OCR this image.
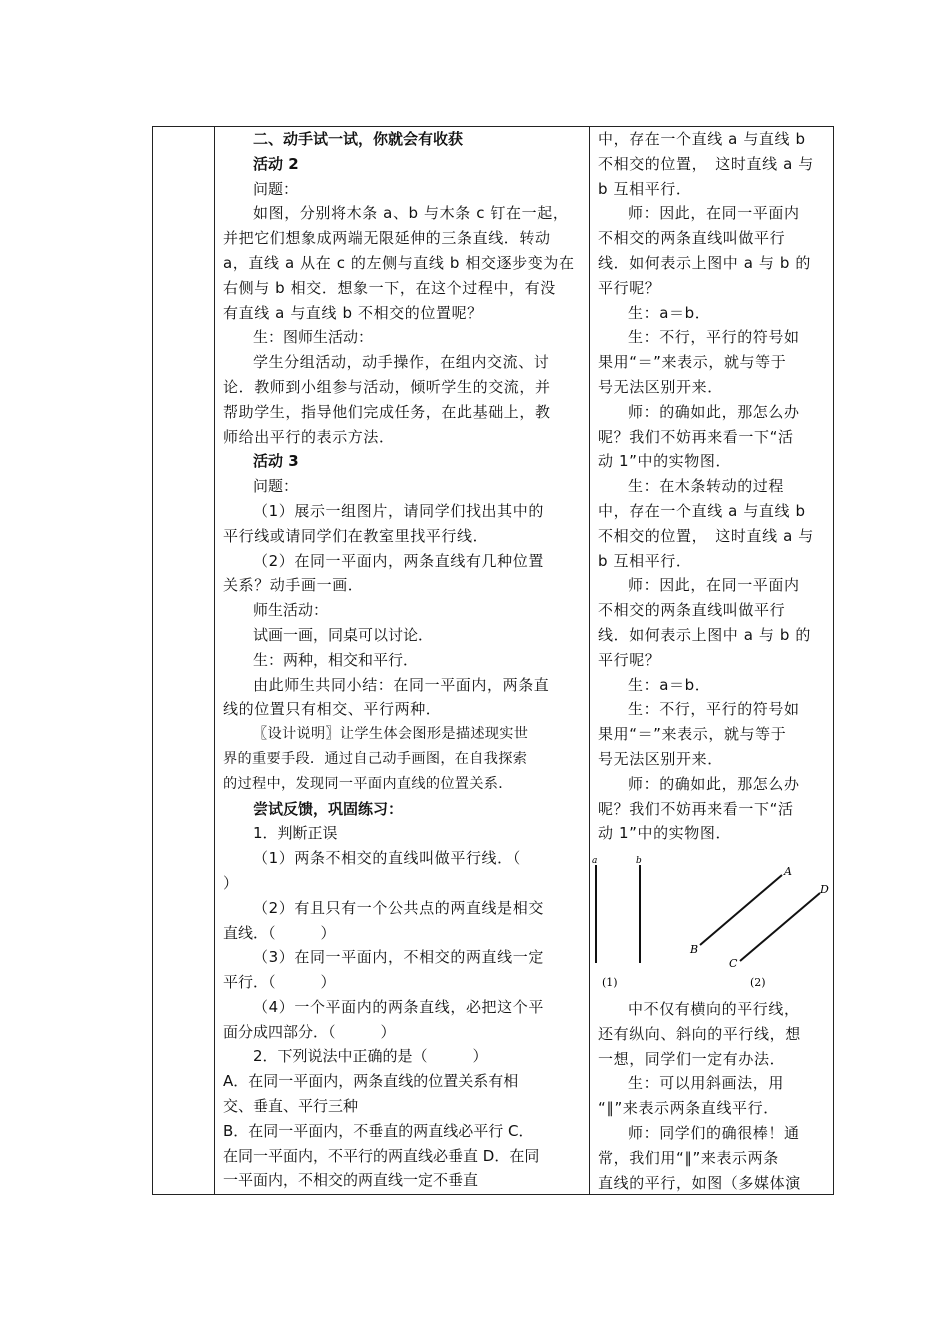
二、动手试一试，你就会有收获
活动 2
问题：
如图，分别将木条 a、b 与木条 c 钉在一起，
并把它们想象成两端无限延伸的三条直线．转动
a，直线 a 从在 c 的左侧与直线 b 相交逐步变为在
右侧与 b 相交．想象一下，在这个过程中，有没
有直线 a 与直线 b 不相交的位置呢？
生：图师生活动：
学生分组活动，动手操作，在组内交流、讨
论．教师到小组参与活动，倾听学生的交流，并
帮助学生，指导他们完成任务，在此基础上，教
师给出平行的表示方法．
活动 3
问题：
（1）展示一组图片，请同学们找出其中的
平行线或请同学们在教室里找平行线．
（2）在同一平面内，两条直线有几种位置
关系？动手画一画．
师生活动：
试画一画，同桌可以讨论．
生：两种，相交和平行．
由此师生共同小结：在同一平面内，两条直
线的位置只有相交、平行两种．
〖设计说明〗让学生体会图形是描述现实世
界的重要手段．通过自己动手画图，在自我探索
的过程中，发现同一平面内直线的位置关系．
尝试反馈，巩固练习：
1．判断正误
（1）两条不相交的直线叫做平行线．（
）
（2）有且只有一个公共点的两直线是相交
直线．（　　　）
（3）在同一平面内，不相交的两直线一定
平行．（　　　）
（4）一个平面内的两条直线，必把这个平
面分成四部分．（　　　）
2．下列说法中正确的是（　　　）
A．在同一平面内，两条直线的位置关系有相
交、垂直、平行三种
B．在同一平面内，不垂直的两直线必平行 C．
在同一平面内，不平行的两直线必垂直 D．在同
一平面内，不相交的两直线一定不垂直
中，存在一个直线 a 与直线 b
不相交的位置，　这时直线 a 与
b 互相平行．
师：因此，在同一平面内
不相交的两条直线叫做平行
线．如何表示上图中 a 与 b 的
平行呢？
生：a＝b．
生：不行，平行的符号如
果用“＝”来表示，就与等于
号无法区别开来．
师：的确如此，那怎么办
呢？我们不妨再来看一下“活
动 1”中的实物图．
生：在木条转动的过程
中，存在一个直线 a 与直线 b
不相交的位置，　这时直线 a 与
b 互相平行．
师：因此，在同一平面内
不相交的两条直线叫做平行
线．如何表示上图中 a 与 b 的
平行呢？
生：a＝b．
生：不行，平行的符号如
果用“＝”来表示，就与等于
号无法区别开来．
师：的确如此，那怎么办
呢？我们不妨再来看一下“活
动 1”中的实物图．
a	b
(1)
A
B
C
D
(2)
中不仅有横向的平行线，
还有纵向、斜向的平行线，想
一想，同学们一定有办法．
生：可以用斜画法，用
“∥”来表示两条直线平行．
师：同学们的确很棒！通
常，我们用“∥”来表示两条
直线的平行，如图（多媒体演
